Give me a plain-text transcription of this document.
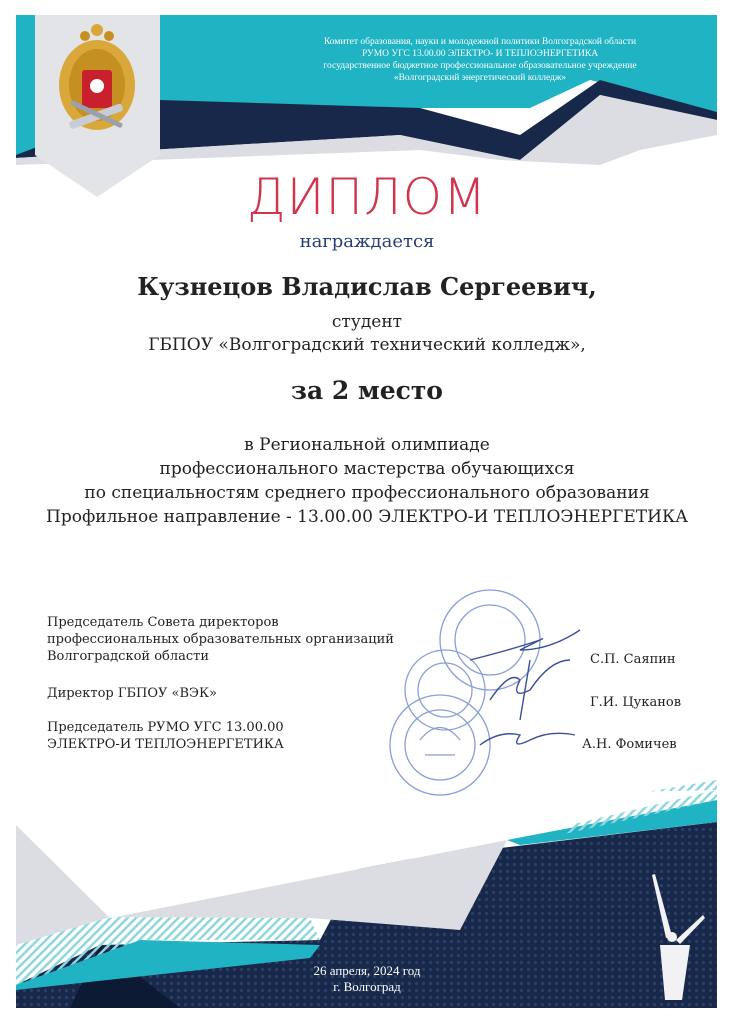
Комитет образования, науки и молодежной политики Волгоградской области
РУМО УГС 13.00.00 ЭЛЕКТРО- И ТЕПЛОЭНЕРГЕТИКА
государственное бюджетное профессиональное образовательное учреждение
«Волгоградский энергетический колледж»
ДИПЛОМ
награждается
Кузнецов Владислав Сергеевич,
студент
ГБПОУ «Волгоградский технический колледж»,
за 2 место
в Региональной олимпиаде
профессионального мастерства обучающихся
по специальностям среднего профессионального образования
Профильное направление - 13.00.00 ЭЛЕКТРО-И ТЕПЛОЭНЕРГЕТИКА
Председатель Совета директоров
профессиональных образовательных организаций
Волгоградской области	С.П. Саяпин
Директор ГБПОУ «ВЭК»
Г.И. Цуканов
Председатель РУМО УГС 13.00.00
ЭЛЕКТРО-И ТЕПЛОЭНЕРГЕТИКА	А.Н. Фомичев
26 апреля, 2024 год
г. Волгоград
